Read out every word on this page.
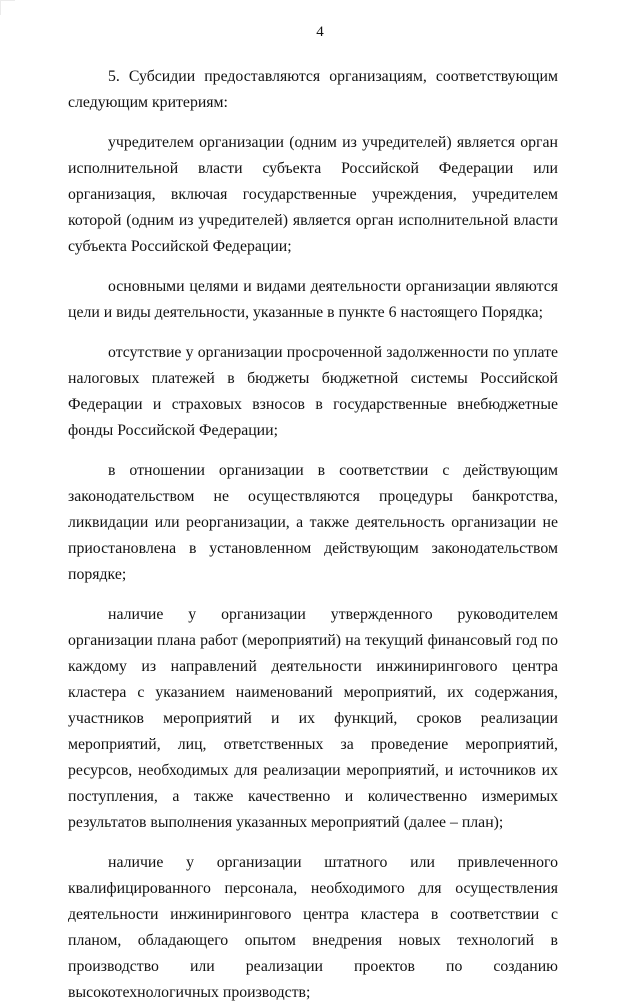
4

5. Субсидии предоставляются организациям, соответствующим следующим критериям:

учредителем организации (одним из учредителей) является орган исполнительной власти субъекта Российской Федерации или организация, включая государственные учреждения, учредителем которой (одним из учредителей) является орган исполнительной власти субъекта Российской Федерации;

основными целями и видами деятельности организации являются цели и виды деятельности, указанные в пункте 6 настоящего Порядка;

отсутствие у организации просроченной задолженности по уплате налоговых платежей в бюджеты бюджетной системы Российской Федерации и страховых взносов в государственные внебюджетные фонды Российской Федерации;

в отношении организации в соответствии с действующим законодательством не осуществляются процедуры банкротства, ликвидации или реорганизации, а также деятельность организации не приостановлена в установленном действующим законодательством порядке;

наличие у организации утвержденного руководителем организации плана работ (мероприятий) на текущий финансовый год по каждому из направлений деятельности инжинирингового центра кластера с указанием наименований мероприятий, их содержания, участников мероприятий и их функций, сроков реализации мероприятий, лиц, ответственных за проведение мероприятий, ресурсов, необходимых для реализации мероприятий, и источников их поступления, а также качественно и количественно измеримых результатов выполнения указанных мероприятий (далее – план);

наличие у организации штатного или привлеченного квалифицированного персонала, необходимого для осуществления деятельности инжинирингового центра кластера в соответствии с планом, обладающего опытом внедрения новых технологий в производство или реализации проектов по созданию высокотехнологичных производств;
